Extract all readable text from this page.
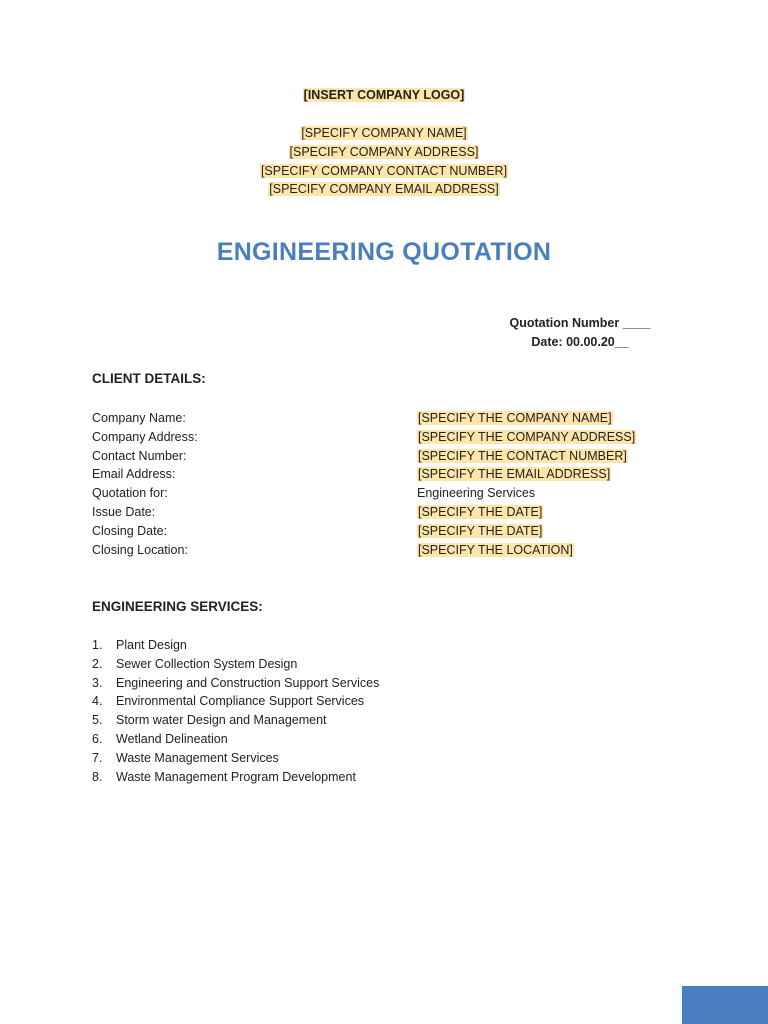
[INSERT COMPANY LOGO]
[SPECIFY COMPANY NAME]
[SPECIFY COMPANY ADDRESS]
[SPECIFY COMPANY CONTACT NUMBER]
[SPECIFY COMPANY EMAIL ADDRESS]
ENGINEERING QUOTATION
Quotation Number ____
Date: 00.00.20__
CLIENT DETAILS:
Company Name:	[SPECIFY THE COMPANY NAME]
Company Address:	[SPECIFY THE COMPANY ADDRESS]
Contact Number:	[SPECIFY THE CONTACT NUMBER]
Email Address:	[SPECIFY THE EMAIL ADDRESS]
Quotation for:	Engineering Services
Issue Date:	[SPECIFY THE DATE]
Closing Date:	[SPECIFY THE DATE]
Closing Location:	[SPECIFY THE LOCATION]
ENGINEERING SERVICES:
1.	Plant Design
2.	Sewer Collection System Design
3.	Engineering and Construction Support Services
4.	Environmental Compliance Support Services
5.	Storm water Design and Management
6.	Wetland Delineation
7.	Waste Management Services
8.	Waste Management Program Development
